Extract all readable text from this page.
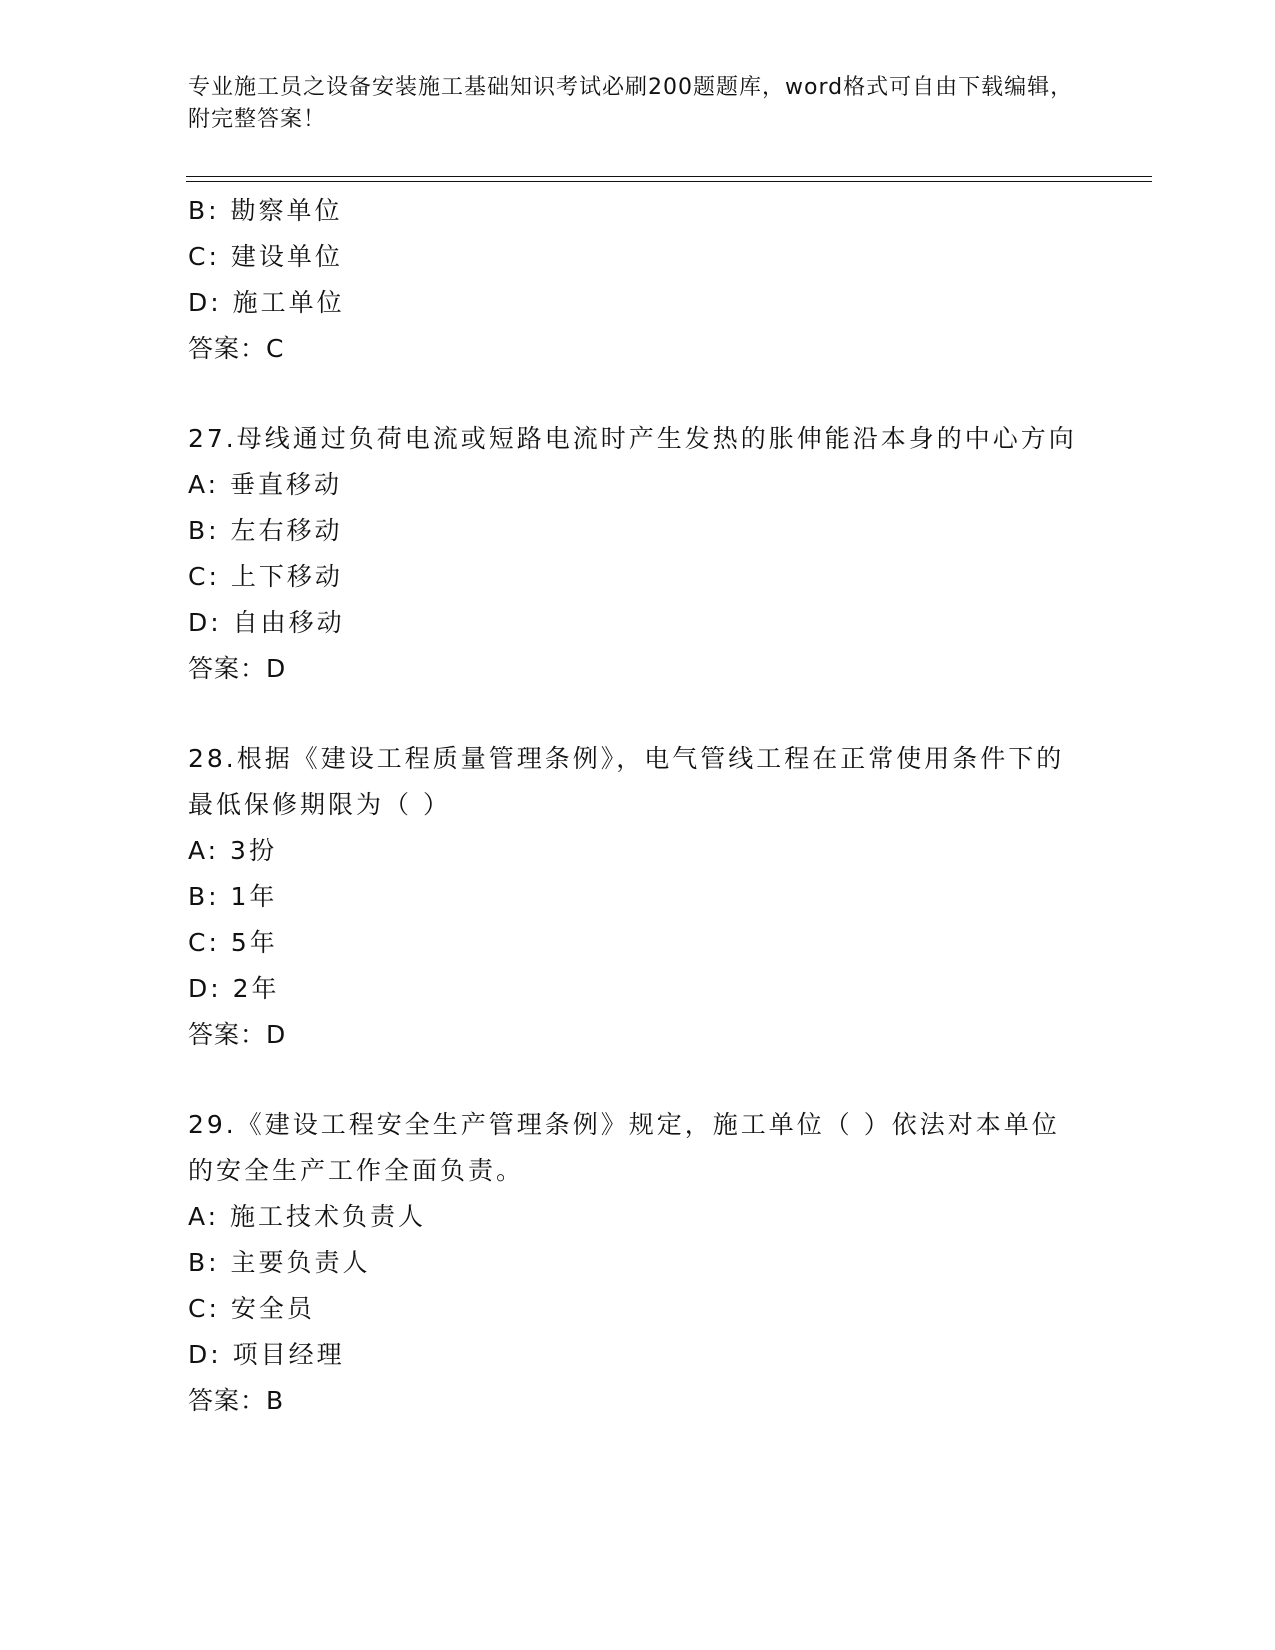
专业施工员之设备安装施工基础知识考试必刷200题题库，word格式可自由下载编辑，附完整答案！
B: 勘察单位
C: 建设单位
D: 施工单位
答案：C
27.母线通过负荷电流或短路电流时产生发热的胀伸能沿本身的中心方向
A: 垂直移动
B: 左右移动
C: 上下移动
D: 自由移动
答案：D
28.根据《建设工程质量管理条例》，电气管线工程在正常使用条件下的最低保修期限为（ ）
A: 3扮
B: 1年
C: 5年
D: 2年
答案：D
29.《建设工程安全生产管理条例》规定，施工单位（ ）依法对本单位的安全生产工作全面负责。
A: 施工技术负责人
B: 主要负责人
C: 安全员
D: 项目经理
答案：B
